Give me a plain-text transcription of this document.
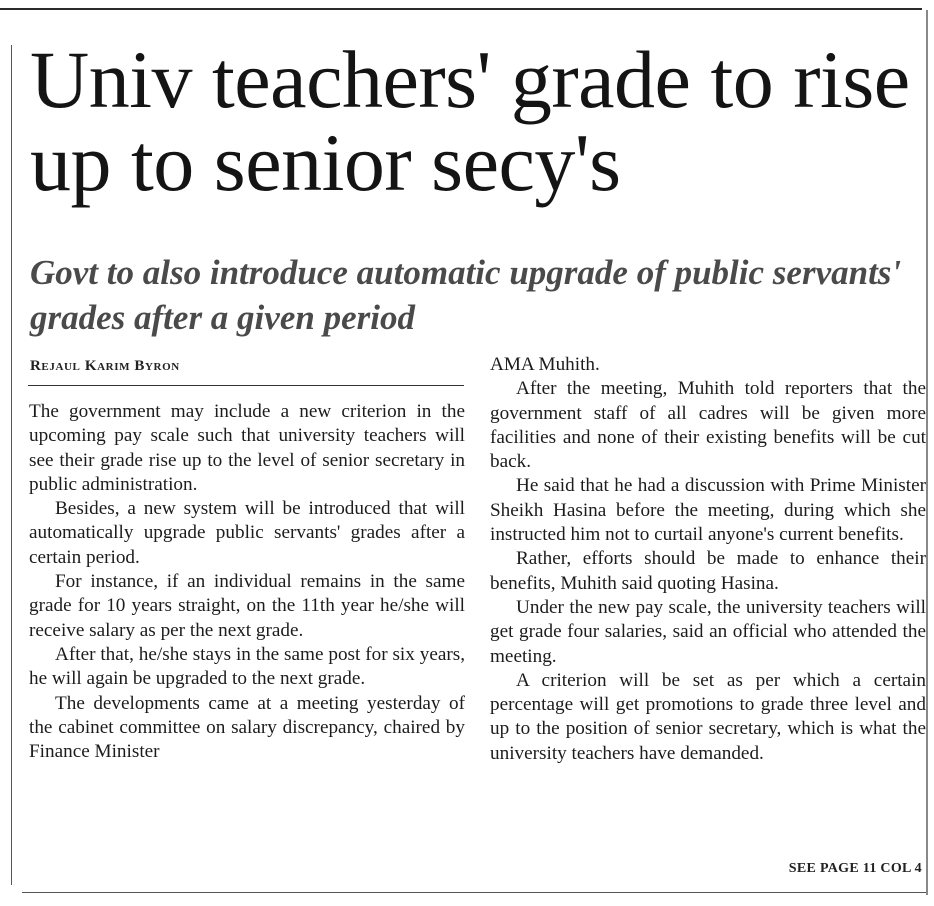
Univ teachers' grade to rise up to senior secy's
Govt to also introduce automatic upgrade of public servants' grades after a given period
Rejaul Karim Byron

The government may include a new criterion in the upcoming pay scale such that university teachers will see their grade rise up to the level of senior secretary in public administration.

Besides, a new system will be introduced that will automatically upgrade public servants' grades after a certain period.

For instance, if an individual remains in the same grade for 10 years straight, on the 11th year he/she will receive salary as per the next grade.

After that, he/she stays in the same post for six years, he will again be upgraded to the next grade.

The developments came at a meeting yesterday of the cabinet committee on salary discrepancy, chaired by Finance Minister

AMA Muhith.

After the meeting, Muhith told reporters that the government staff of all cadres will be given more facilities and none of their existing benefits will be cut back.

He said that he had a discussion with Prime Minister Sheikh Hasina before the meeting, during which she instructed him not to curtail anyone's current benefits.

Rather, efforts should be made to enhance their benefits, Muhith said quoting Hasina.

Under the new pay scale, the university teachers will get grade four salaries, said an official who attended the meeting.

A criterion will be set as per which a certain percentage will get promotions to grade three level and up to the position of senior secretary, which is what the university teachers have demanded.

SEE PAGE 11 COL 4
